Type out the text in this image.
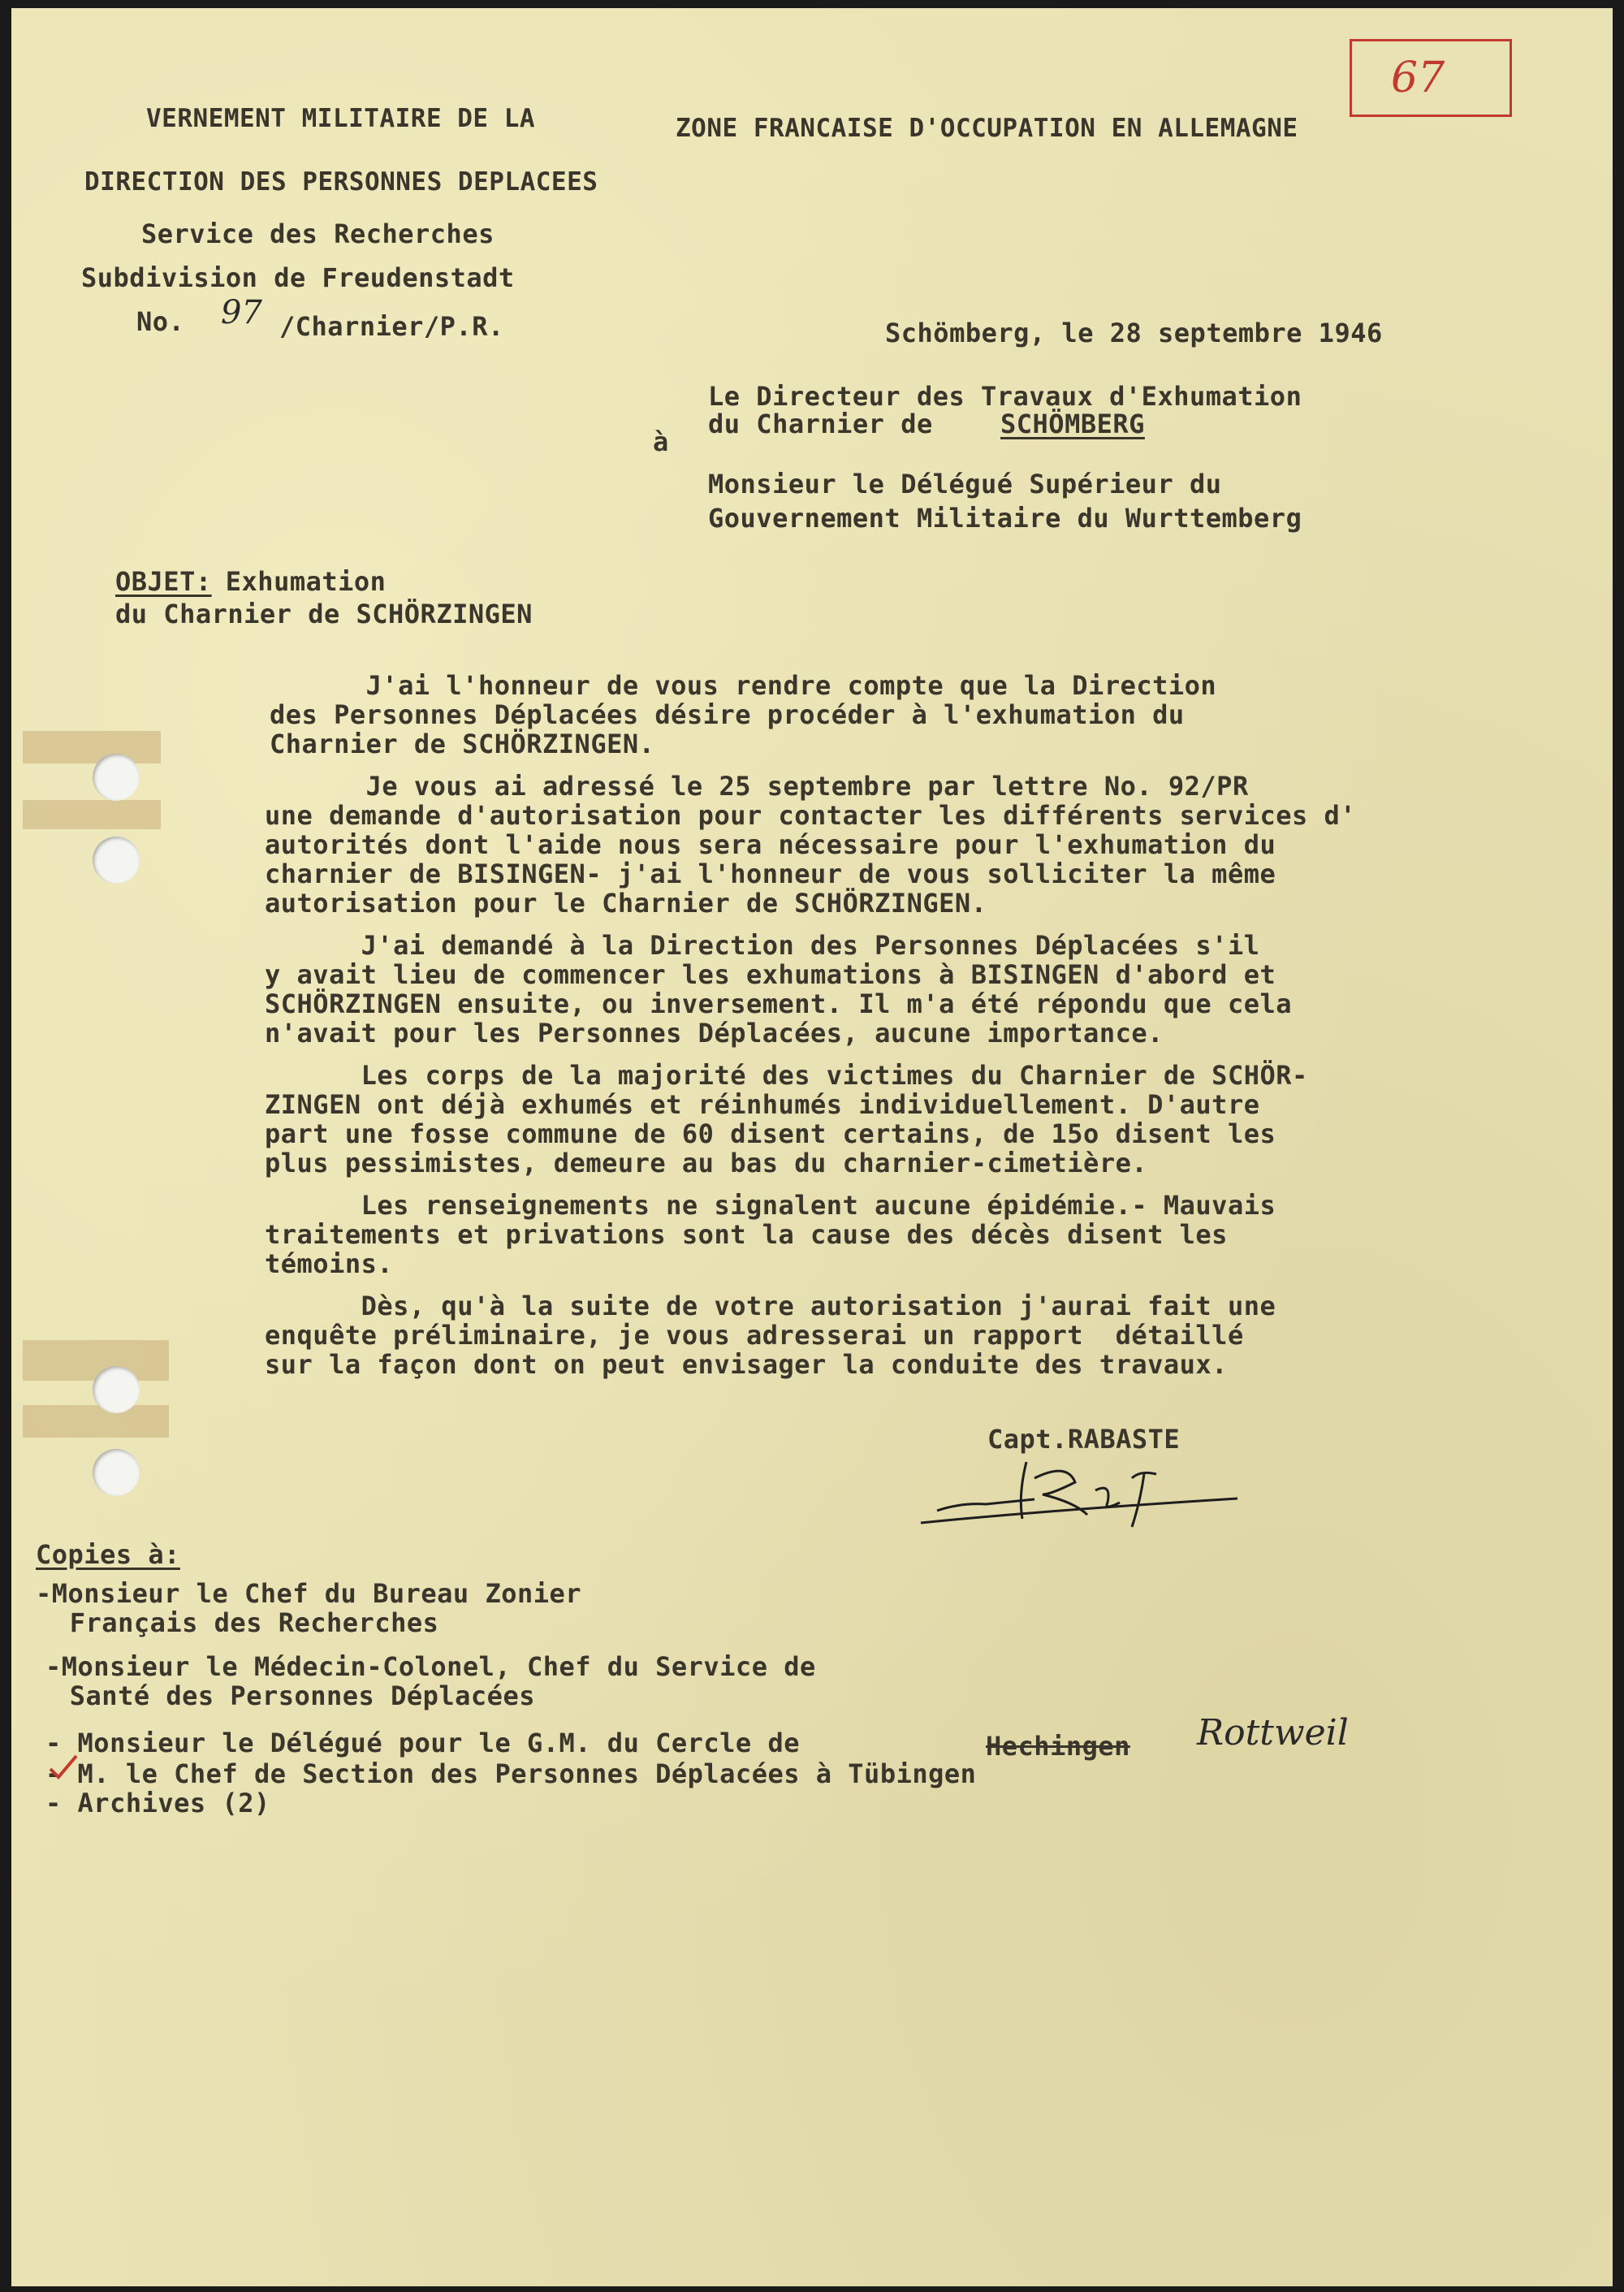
67
VERNEMENT MILITAIRE DE LA	ZONE FRANCAISE D'OCCUPATION EN ALLEMAGNE
DIRECTION DES PERSONNES DEPLACEES
Service des Recherches
Subdivision de Freudenstadt
No. 97 /Charnier/P.R.	Schömberg, le 28 septembre 1946
Le Directeur des Travaux d'Exhumation
du Charnier de SCHÖMBERG
à
Monsieur le Délégué Supérieur du
Gouvernement Militaire du Wurttemberg
OBJET:
Exhumation
du Charnier de SCHÖRZINGEN
J'ai l'honneur de vous rendre compte que la Direction
des Personnes Déplacées désire procéder à l'exhumation du
Charnier de SCHÖRZINGEN.
Je vous ai adressé le 25 septembre par lettre No. 92/PR
une demande d'autorisation pour contacter les différents services d'
autorités dont l'aide nous sera nécessaire pour l'exhumation du
charnier de BISINGEN- j'ai l'honneur de vous solliciter la même
autorisation pour le Charnier de SCHÖRZINGEN.
J'ai demandé à la Direction des Personnes Déplacées s'il
y avait lieu de commencer les exhumations à BISINGEN d'abord et
SCHÖRZINGEN ensuite, ou inversement. Il m'a été répondu que cela
n'avait pour les Personnes Déplacées, aucune importance.
Les corps de la majorité des victimes du Charnier de SCHÖR-
ZINGEN ont déjà exhumés et réinhumés individuellement. D'autre
part une fosse commune de 60 disent certains, de 15o disent les
plus pessimistes, demeure au bas du charnier-cimetière.
Les renseignements ne signalent aucune épidémie.- Mauvais
traitements et privations sont la cause des décès disent les
témoins.
Dès, qu'à la suite de votre autorisation j'aurai fait une
enquête préliminaire, je vous adresserai un rapport  détaillé
sur la façon dont on peut envisager la conduite des travaux.
Capt.RABASTE
Copies à:
-Monsieur le Chef du Bureau Zonier
Français des Recherches
-Monsieur le Médecin-Colonel, Chef du Service de
Santé des Personnes Déplacées
- Monsieur le Délégué pour le G.M. du Cercle de	Hechingen Rottweil
- M. le Chef de Section des Personnes Déplacées à Tübingen
- Archives (2)
